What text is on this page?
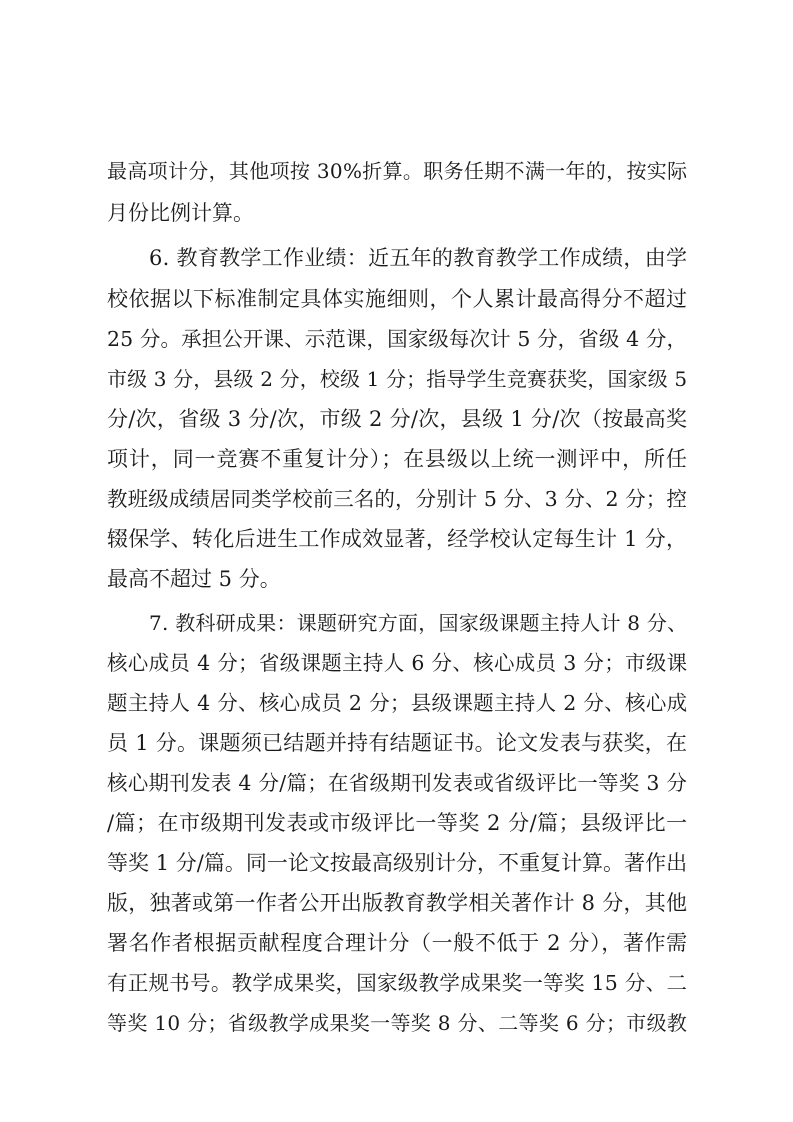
最高项计分，其他项按 30%折算。职务任期不满一年的，按实际

月份比例计算。

6. 教育教学工作业绩：近五年的教育教学工作成绩，由学

校依据以下标准制定具体实施细则，个人累计最高得分不超过

25 分。承担公开课、示范课，国家级每次计 5 分，省级 4 分，

市级 3 分，县级 2 分，校级 1 分；指导学生竞赛获奖，国家级 5

分/次，省级 3 分/次，市级 2 分/次，县级 1 分/次（按最高奖

项计，同一竞赛不重复计分）；在县级以上统一测评中，所任

教班级成绩居同类学校前三名的，分别计 5 分、3 分、2 分；控

辍保学、转化后进生工作成效显著，经学校认定每生计 1 分，

最高不超过 5 分。

7. 教科研成果：课题研究方面，国家级课题主持人计 8 分、

核心成员 4 分；省级课题主持人 6 分、核心成员 3 分；市级课

题主持人 4 分、核心成员 2 分；县级课题主持人 2 分、核心成

员 1 分。课题须已结题并持有结题证书。论文发表与获奖，在

核心期刊发表 4 分/篇；在省级期刊发表或省级评比一等奖 3 分

/篇；在市级期刊发表或市级评比一等奖 2 分/篇；县级评比一

等奖 1 分/篇。同一论文按最高级别计分，不重复计算。著作出

版，独著或第一作者公开出版教育教学相关著作计 8 分，其他

署名作者根据贡献程度合理计分（一般不低于 2 分），著作需

有正规书号。教学成果奖，国家级教学成果奖一等奖 15 分、二

等奖 10 分；省级教学成果奖一等奖 8 分、二等奖 6 分；市级教
